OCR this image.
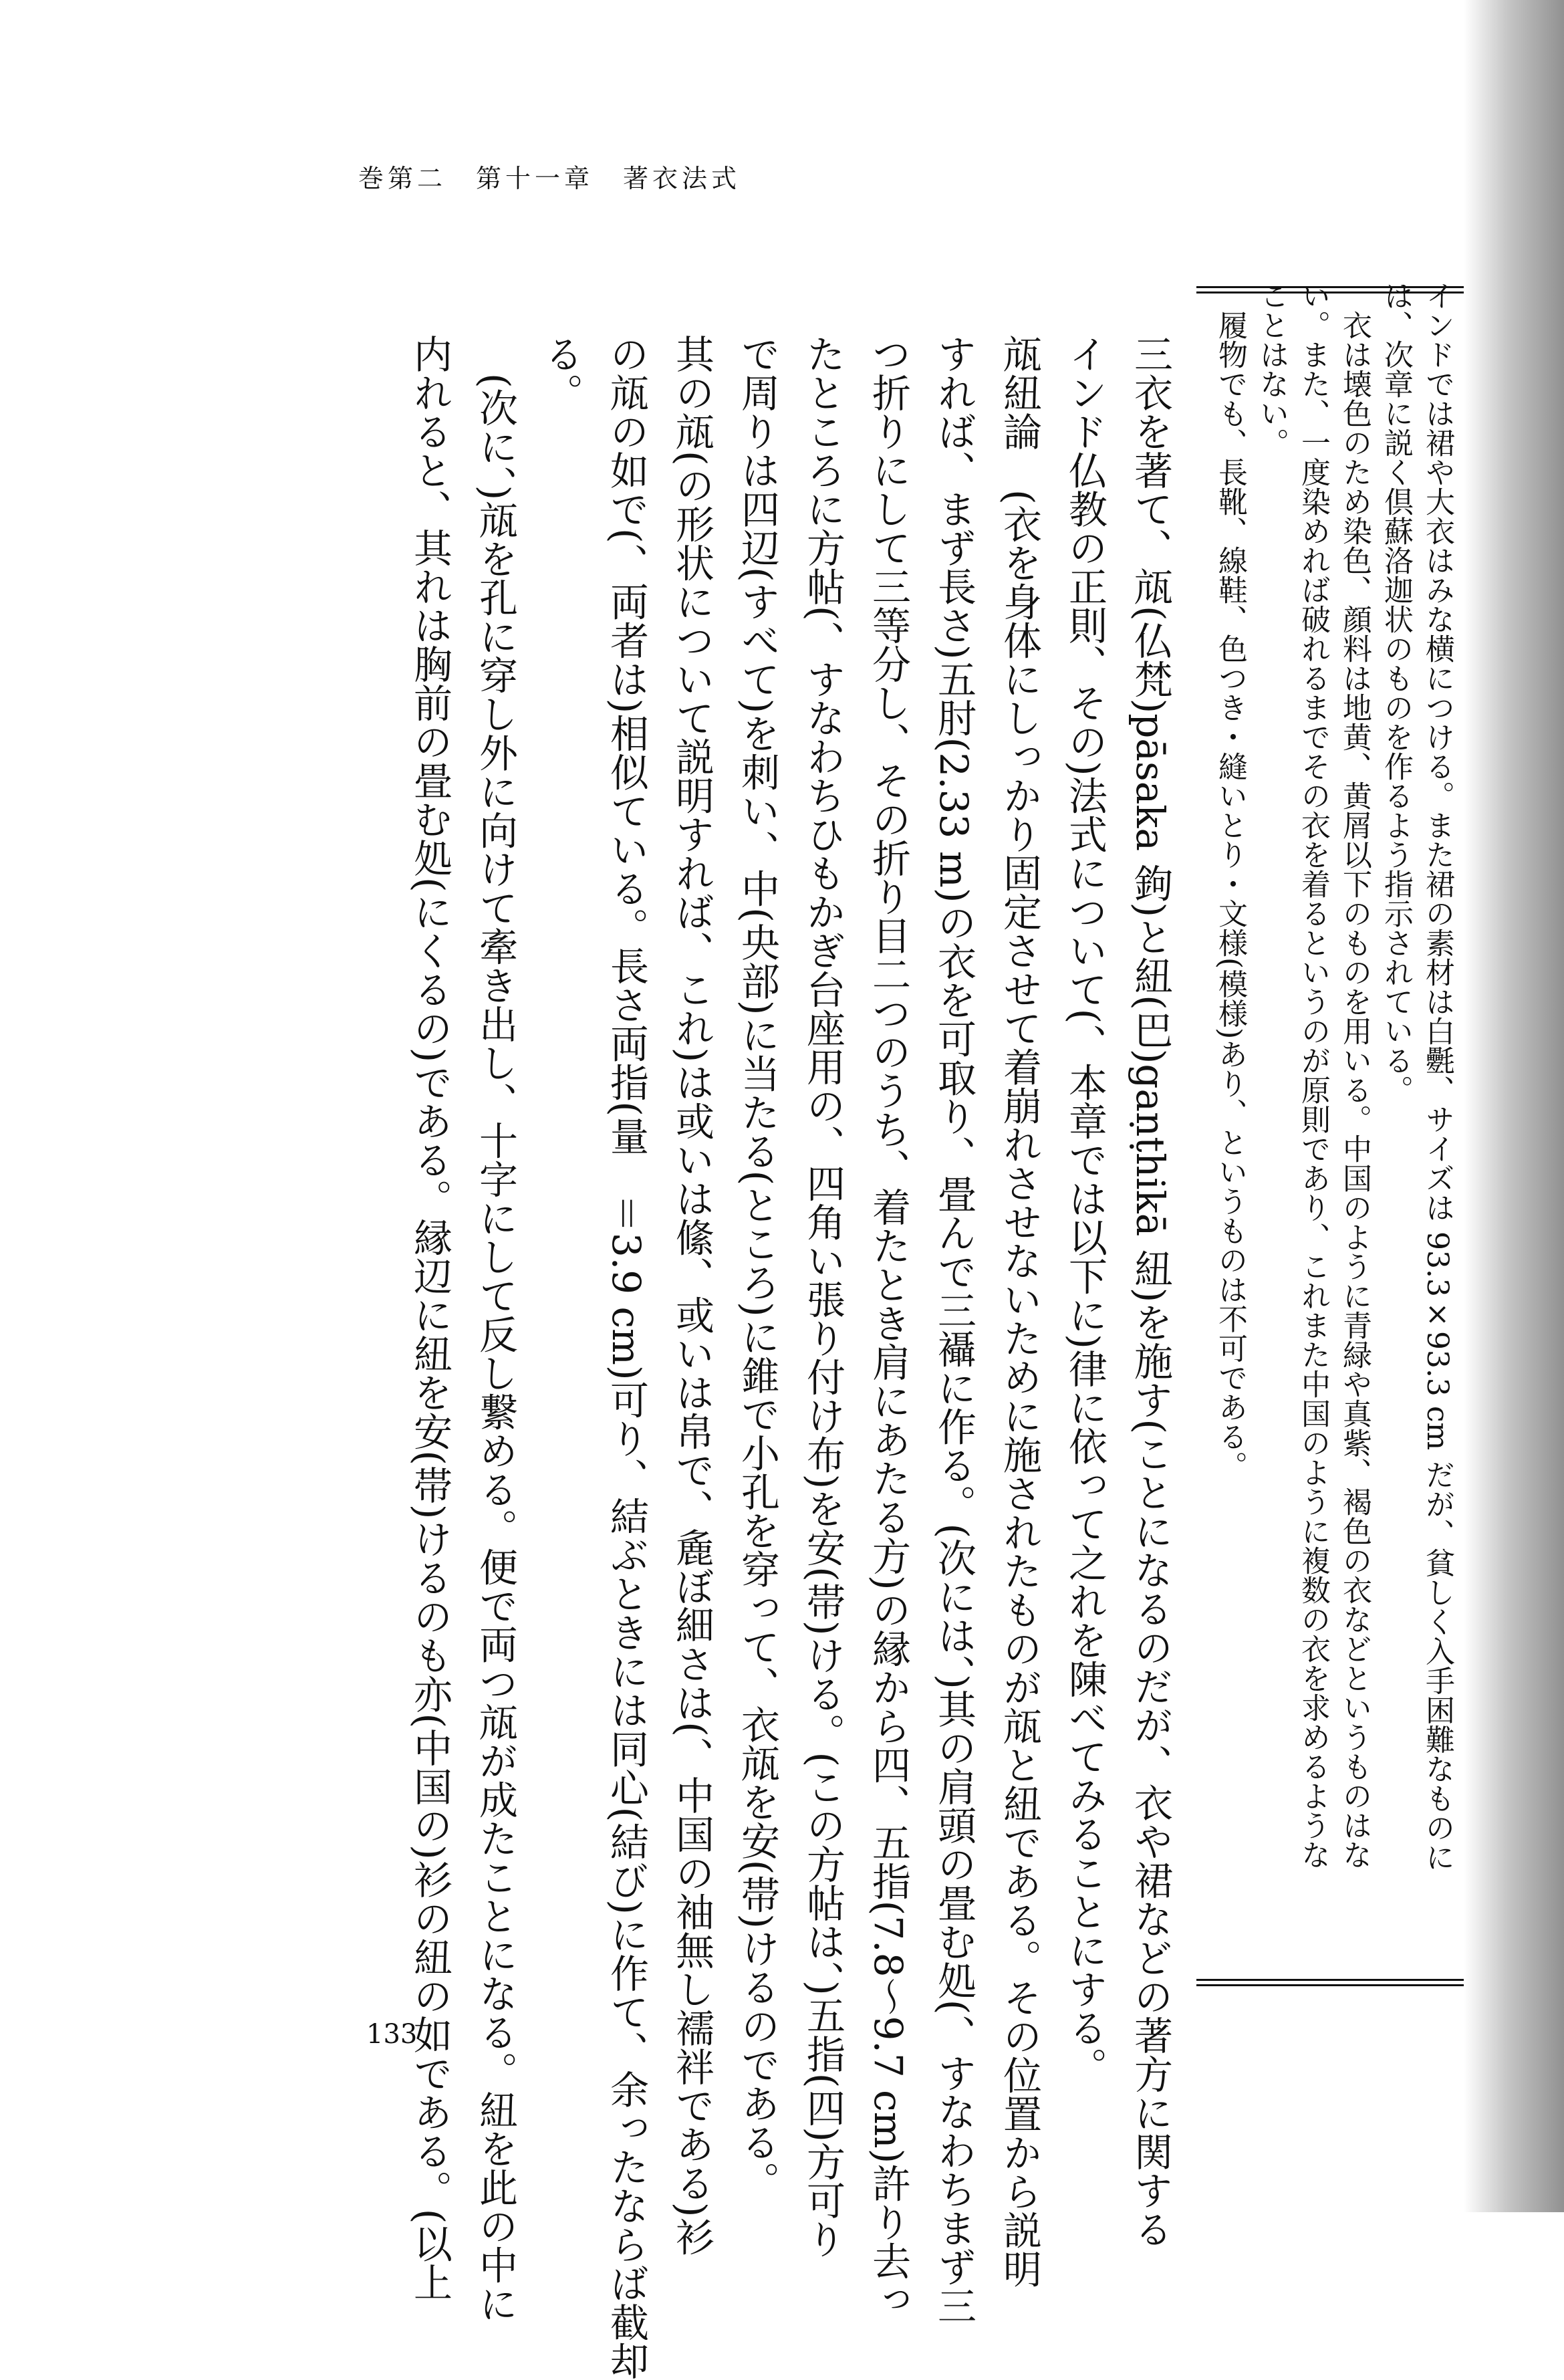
巻第二　第十一章　著衣法式
インドでは裙や大衣はみな横につける。また裙の素材は白氎、サイズは 93.3×93.3 cm だが、貧しく入手困難なものに
は、次章に説く倶蘇洛迦状のものを作るよう指示されている。
　衣は壊色のため染色、顔料は地黄、黄屑以下のものを用いる。中国のように青緑や真紫、褐色の衣などというものはな
い。また、一度染めれば破れるまでその衣を着るというのが原則であり、これまた中国のように複数の衣を求めるような
ことはない。
　履物でも、長靴、線鞋、色つき・縫いとり・文様(模様)あり、というものは不可である。
三衣を著て、㼚(仏梵)pāsaka 鉤)と紐(巴)gaṇṭhikā 紐)を施す(ことになるのだが、衣や裙などの著方に関する
インド仏教の正則、その)法式について(、本章では以下に)律に依って之れを陳べてみることにする。
㼚紐論　(衣を身体にしっかり固定させて着崩れさせないために施されたものが㼚と紐である。その位置から説明
すれば、まず長さ)五肘(2.33 m)の衣を可取り、畳んで三襵に作る。(次には、)其の肩頭の畳む処(、すなわちまず三
つ折りにして三等分し、その折り目二つのうち、着たとき肩にあたる方)の縁から四、五指(7.8〜9.7 cm)許り去っ
たところに方帖(、すなわちひもかぎ台座用の、四角い張り付け布)を安(帯)ける。(この方帖は、)五指(四)方可り
で周りは四辺(すべて)を刺い、中(央部)に当たる(ところ)に錐で小孔を穿って、衣㼚を安(帯)けるのである。
其の㼚(の形状について説明すれば、これ)は或いは絛、或いは帛で、麁ぼ細さは(、中国の袖無し襦袢である)衫
の㼚の如で(、両者は)相似ている。長さ両指(量　＝3.9 cm)可り、結ぶときには同心(結び)に作て、余ったならば截却
る。
　(次に、)㼚を孔に穿し外に向けて牽き出し、十字にして反し繋める。便で両つ㼚が成たことになる。紐を此の中に
内れると、其れは胸前の畳む処(にくるの)である。縁辺に紐を安(帯)けるのも亦(中国の)衫の紐の如である。(以上
133
